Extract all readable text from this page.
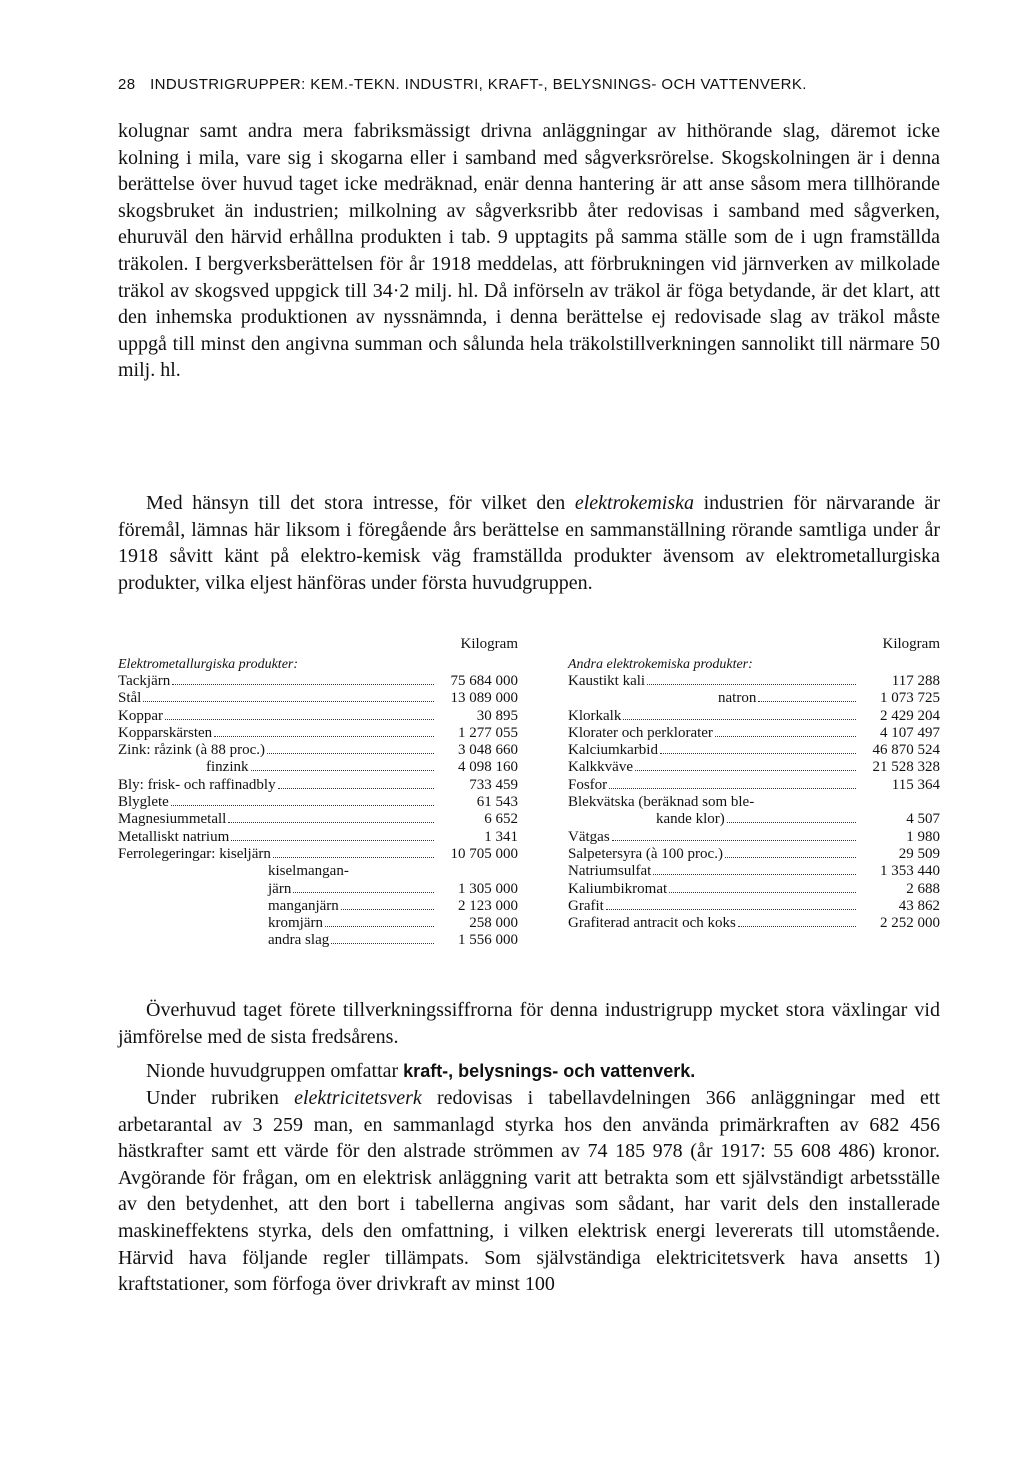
28 INDUSTRIGRUPPER: KEM.-TEKN. INDUSTRI, KRAFT-, BELYSNINGS- OCH VATTENVERK.

kolugnar samt andra mera fabriksmässigt drivna anläggningar av hithörande slag, däremot icke kolning i mila, vare sig i skogarna eller i samband med sågverksrörelse. Skogskolningen är i denna berättelse över huvud taget icke medräknad, enär denna hantering är att anse såsom mera tillhörande skogsbruket än industrien; milkolning av sågverksribb åter redovisas i samband med sågverken, ehuruväl den härvid erhållna produkten i tab. 9 upptagits på samma ställe som de i ugn framställda träkolen. I bergverksberättelsen för år 1918 meddelas, att förbrukningen vid järnverken av milkolade träkol av skogsved uppgick till 34·2 milj. hl. Då införseln av träkol är föga betydande, är det klart, att den inhemska produktionen av nyssnämnda, i denna berättelse ej redovisade slag av träkol måste uppgå till minst den angivna summan och sålunda hela träkolstillverkningen sannolikt till närmare 50 milj. hl.

Med hänsyn till det stora intresse, för vilket den elektrokemiska industrien för närvarande är föremål, lämnas här liksom i föregående års berättelse en sammanställning rörande samtliga under år 1918 såvitt känt på elektro-kemisk väg framställda produkter ävensom av elektrometallurgiska produkter, vilka eljest hänföras under första huvudgruppen.

Kilogram
Elektrometallurgiska produkter:
Tackjärn	75 684 000
Stål	13 089 000
Koppar	30 895
Kopparskärsten	1 277 055
Zink: råzink (à 88 proc.)	3 048 660
finzink	4 098 160
Bly: frisk- och raffinadbly	733 459
Blyglete	61 543
Magnesiummetall	6 652
Metalliskt natrium	1 341
Ferrolegeringar: kiseljärn	10 705 000
kiselmangan-
järn	1 305 000
manganjärn	2 123 000
kromjärn	258 000
andra slag	1 556 000
Kilogram
Andra elektrokemiska produkter:
Kaustikt kali	117 288
natron	1 073 725
Klorkalk	2 429 204
Klorater och perklorater	4 107 497
Kalciumkarbid	46 870 524
Kalkkväve	21 528 328
Fosfor	115 364
Blekvätska (beräknad som ble-
kande klor)	4 507
Vätgas	1 980
Salpetersyra (à 100 proc.)	29 509
Natriumsulfat	1 353 440
Kaliumbikromat	2 688
Grafit	43 862
Grafiterad antracit och koks	2 252 000

Överhuvud taget förete tillverkningssiffrorna för denna industrigrupp mycket stora växlingar vid jämförelse med de sista fredsårens.

Nionde huvudgruppen omfattar kraft-, belysnings- och vattenverk.

Under rubriken elektricitetsverk redovisas i tabellavdelningen 366 anläggningar med ett arbetarantal av 3 259 man, en sammanlagd styrka hos den använda primärkraften av 682 456 hästkrafter samt ett värde för den alstrade strömmen av 74 185 978 (år 1917: 55 608 486) kronor. Avgörande för frågan, om en elektrisk anläggning varit att betrakta som ett självständigt arbetsställe av den betydenhet, att den bort i tabellerna angivas som sådant, har varit dels den installerade maskineffektens styrka, dels den omfattning, i vilken elektrisk energi levererats till utomstående. Härvid hava följande regler tillämpats. Som självständiga elektricitetsverk hava ansetts 1) kraftstationer, som förfoga över drivkraft av minst 100
